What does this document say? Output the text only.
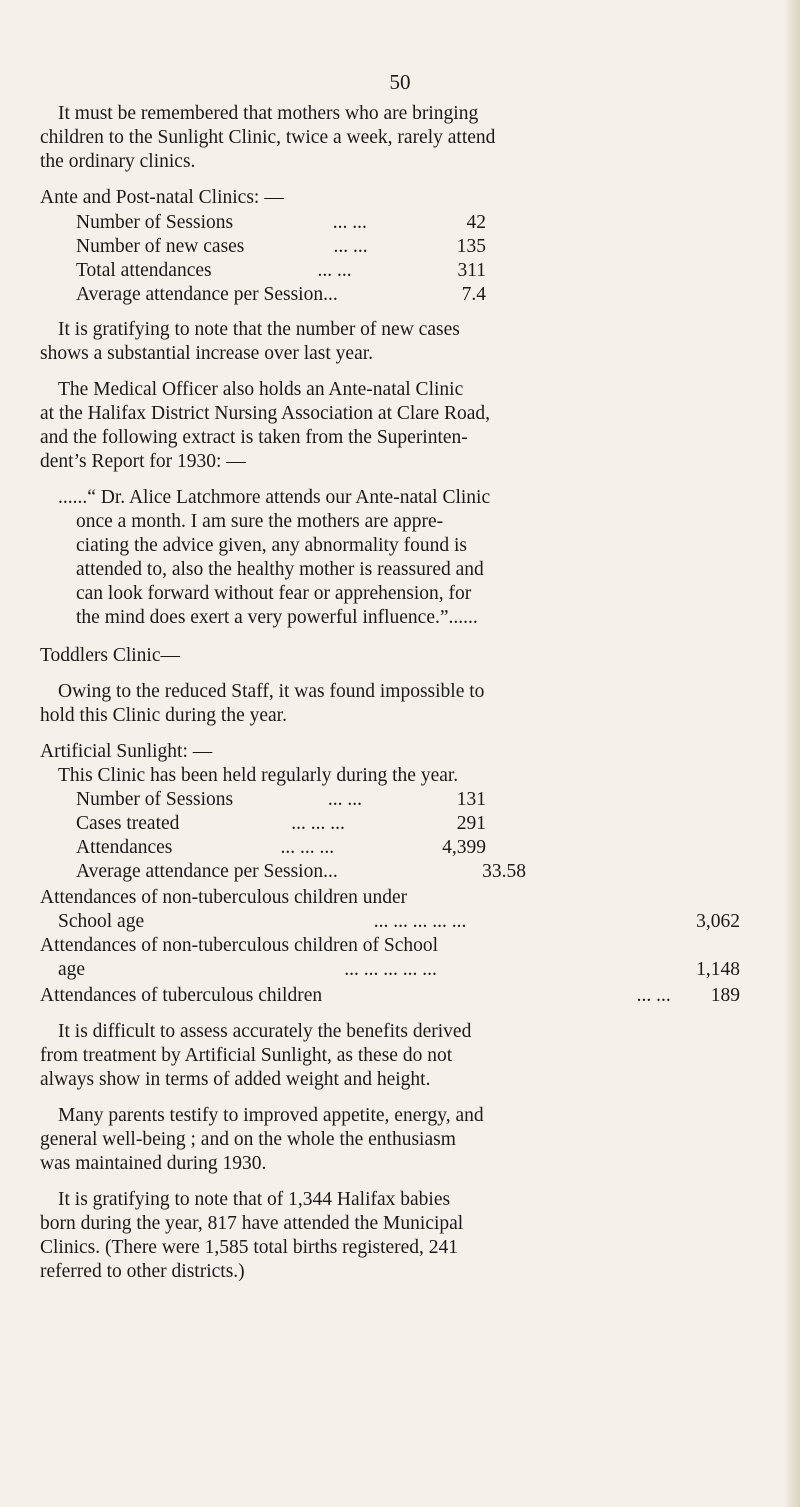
50
It must be remembered that mothers who are bringing
children to the Sunlight Clinic, twice a week, rarely attend
the ordinary clinics.
Ante and Post-natal Clinics: —
Number of Sessions	... ...	42
Number of new cases	... ...	135
Total attendances	... ...	311
Average attendance per Session...	7.4
It is gratifying to note that the number of new cases
shows a substantial increase over last year.
The Medical Officer also holds an Ante-natal Clinic
at the Halifax District Nursing Association at Clare Road,
and the following extract is taken from the Superinten-
dent’s Report for 1930: —
......“ Dr. Alice Latchmore attends our Ante-natal Clinic
once a month. I am sure the mothers are appre-
ciating the advice given, any abnormality found is
attended to, also the healthy mother is reassured and
can look forward without fear or apprehension, for
the mind does exert a very powerful influence.”......
Toddlers Clinic—
Owing to the reduced Staff, it was found impossible to
hold this Clinic during the year.
Artificial Sunlight: —
This Clinic has been held regularly during the year.
Number of Sessions	... ...	131
Cases treated	... ... ...	291
Attendances	... ... ...	4,399
Average attendance per Session...	33.58
Attendances of non-tuberculous children under
School age	... ... ... ... ...	3,062
Attendances of non-tuberculous children of School
age	... ... ... ... ...	1,148
Attendances of tuberculous children	... ...	189
It is difficult to assess accurately the benefits derived
from treatment by Artificial Sunlight, as these do not
always show in terms of added weight and height.
Many parents testify to improved appetite, energy, and
general well-being ; and on the whole the enthusiasm
was maintained during 1930.
It is gratifying to note that of 1,344 Halifax babies
born during the year, 817 have attended the Municipal
Clinics. (There were 1,585 total births registered, 241
referred to other districts.)
